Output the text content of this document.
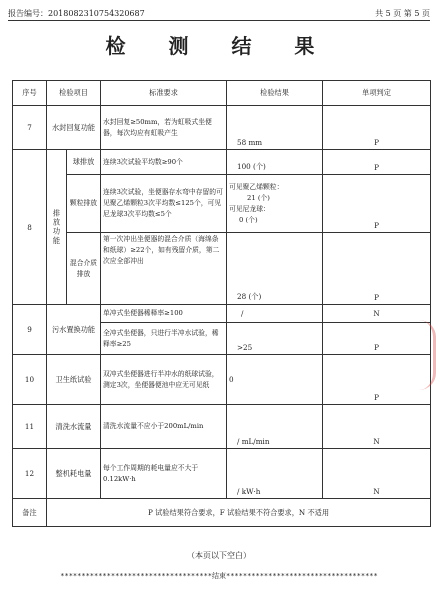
报告编号：2018082310754320687	共 5 页 第 5 页
检 测 结 果
序号	检验项目		标准要求	检验结果	单项判定
7	水封回复功能		水封回复≥50mm，若为虹吸式坐便器，每次均应有虹吸产生	58 mm	P

8	排放功能	球排放	连续3次试验平均数≥90个	100 (个)	P

		颗粒排放	连续3次试验，坐便器存水弯中存留的可见聚乙烯颗粒3次平均数≤125个，可见尼龙球3次平均数≤5个	可见聚乙烯颗粒：
21 (个)
可见尼龙球：
0 (个)	P

		混合介质排放	第一次冲出坐便器的混合介质（海绵条和纸球）≥22个，如有残留介质，第二次应全部冲出	28 (个)	P

9	污水置换功能		单冲式坐便器稀释率≥100	/	N
			全冲式坐便器，只进行半冲水试验，稀释率≥25	>25	P

10	卫生纸试验		双冲式坐便器进行半冲水的纸球试验，测定3次，坐便器便池中应无可见纸	0	P

11	清洗水流量		清洗水流量不应小于200mL/min	/ mL/min	N

12	整机耗电量		每个工作周期的耗电量应不大于0.12kW·h	/ kW·h	N

备注	P 试验结果符合要求，F 试验结果不符合要求，N 不适用				
（本页以下空白）
************************************结束************************************
